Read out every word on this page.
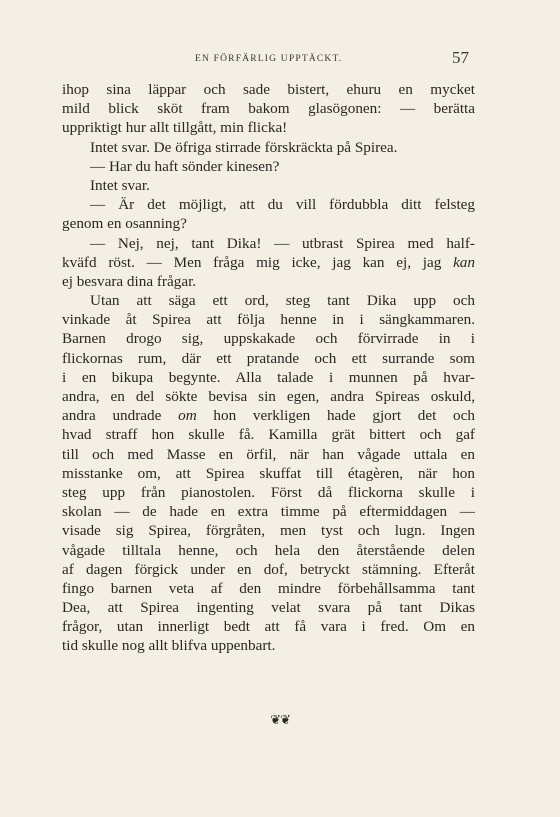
EN FÖRFÄRLIG UPPTÄCKT.	57
ihop sina läppar och sade bistert, ehuru en mycket
mild blick sköt fram bakom glasögonen: — berätta
uppriktigt hur allt tillgått, min flicka!
Intet svar. De öfriga stirrade förskräckta på Spirea.
— Har du haft sönder kinesen?
Intet svar.
— Är det möjligt, att du vill fördubbla ditt felsteg
genom en osanning?
— Nej, nej, tant Dika! — utbrast Spirea med half-
kväfd röst. — Men fråga mig icke, jag kan ej, jag kan
ej besvara dina frågar.
Utan att säga ett ord, steg tant Dika upp och
vinkade åt Spirea att följa henne in i sängkammaren.
Barnen drogo sig, uppskakade och förvirrade in i
flickornas rum, där ett pratande och ett surrande som
i en bikupa begynte. Alla talade i munnen på hvar-
andra, en del sökte bevisa sin egen, andra Spireas oskuld,
andra undrade om hon verkligen hade gjort det och
hvad straff hon skulle få. Kamilla grät bittert och gaf
till och med Masse en örfil, när han vågade uttala en
misstanke om, att Spirea skuffat till étagèren, när hon
steg upp från pianostolen. Först då flickorna skulle i
skolan — de hade en extra timme på eftermiddagen —
visade sig Spirea, förgråten, men tyst och lugn. Ingen
vågade tilltala henne, och hela den återstående delen
af dagen förgick under en dof, betryckt stämning. Efteråt
fingo barnen veta af den mindre förbehållsamma tant
Dea, att Spirea ingenting velat svara på tant Dikas
frågor, utan innerligt bedt att få vara i fred. Om en
tid skulle nog allt blifva uppenbart.
❦❦
